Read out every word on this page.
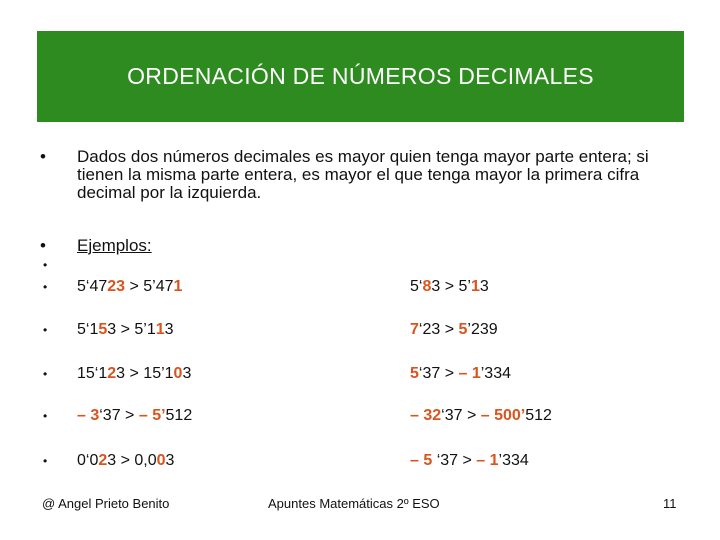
ORDENACIÓN DE NÚMEROS DECIMALES
• Dados dos números decimales es mayor quien tenga mayor parte entera; si tienen la misma parte entera, es mayor el que tenga mayor la primera cifra decimal por la izquierda.
• Ejemplos:
•
• 5‘4723 > 5’471	5‘83 > 5’13
• 5‘153 > 5’113	7‘23 > 5’239
• 15‘123 > 15’103	5‘37 > – 1’334
• – 3‘37 > – 5’512	– 32‘37 > – 500’512
• 0‘023 > 0,003	– 5 ‘37 > – 1’334
@ Angel Prieto Benito	Apuntes Matemáticas 2º ESO	11
